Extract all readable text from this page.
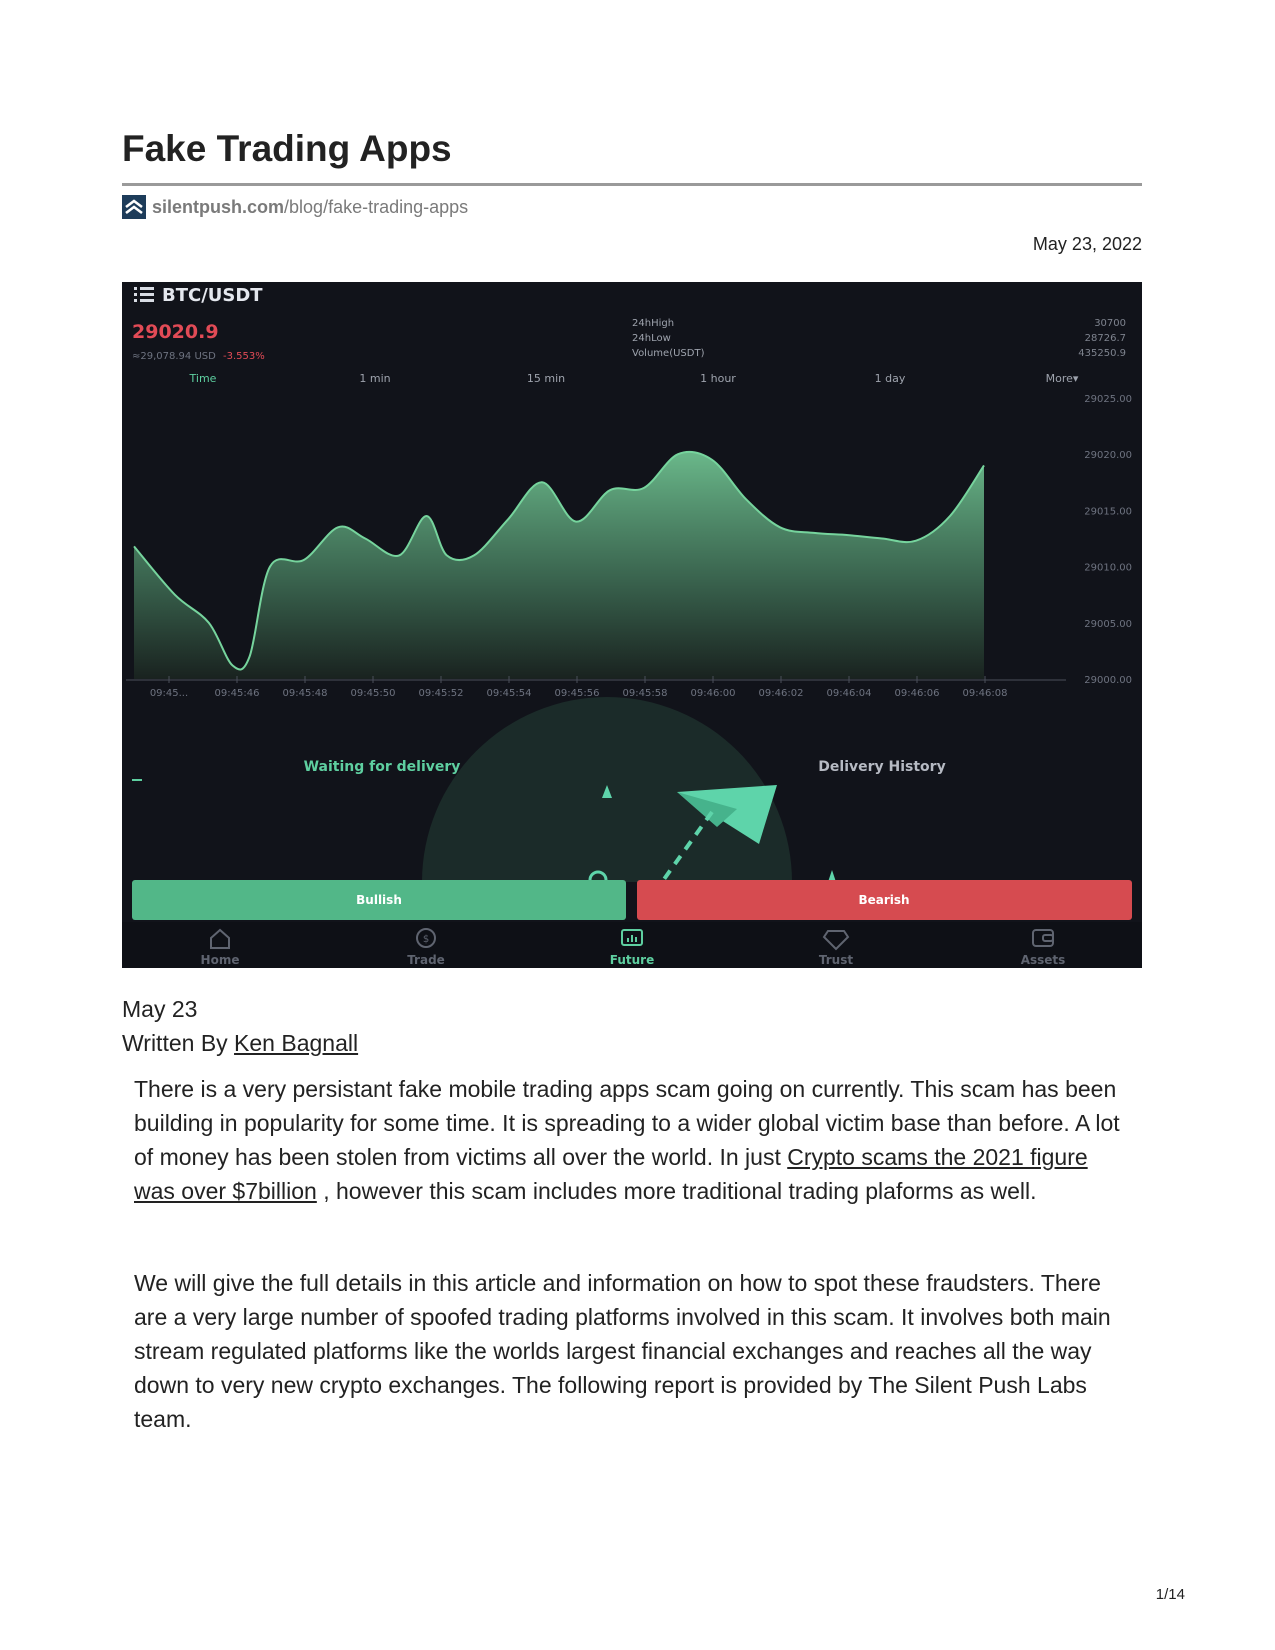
Fake Trading Apps
silentpush.com /blog/fake-trading-apps
May 23, 2022
BTC/USDT
29020.9
≈29,078.94 USD -3.553%
24hHigh
24hLow
Volume(USDT)
30700
28726.7
435250.9
Time	1 min	15 min	1 hour	1 day	More▾
29025.00
29020.00
29015.00
29010.00
29005.00
29000.00
09:45...	09:45:46 09:45:48 09:45:50 09:45:52 09:45:54 09:45:56 09:45:58 09:46:00 09:46:02 09:46:04 09:46:06 09:46:08
Waiting for delivery	Delivery History
Bullish	Bearish
Home
$
Trade	Future	Trust	Assets
May 23
Written By Ken Bagnall

There is a very persistant fake mobile trading apps scam going on currently. This scam has been building in popularity for some time. It is spreading to a wider global victim base than before. A lot of money has been stolen from victims all over the world. In just Crypto scams the 2021 figure was over $7billion , however this scam includes more traditional trading plaforms as well.

We will give the full details in this article and information on how to spot these fraudsters. There are a very large number of spoofed trading platforms involved in this scam. It involves both main stream regulated platforms like the worlds largest financial exchanges and reaches all the way down to very new crypto exchanges. The following report is provided by The Silent Push Labs team.

1/14
